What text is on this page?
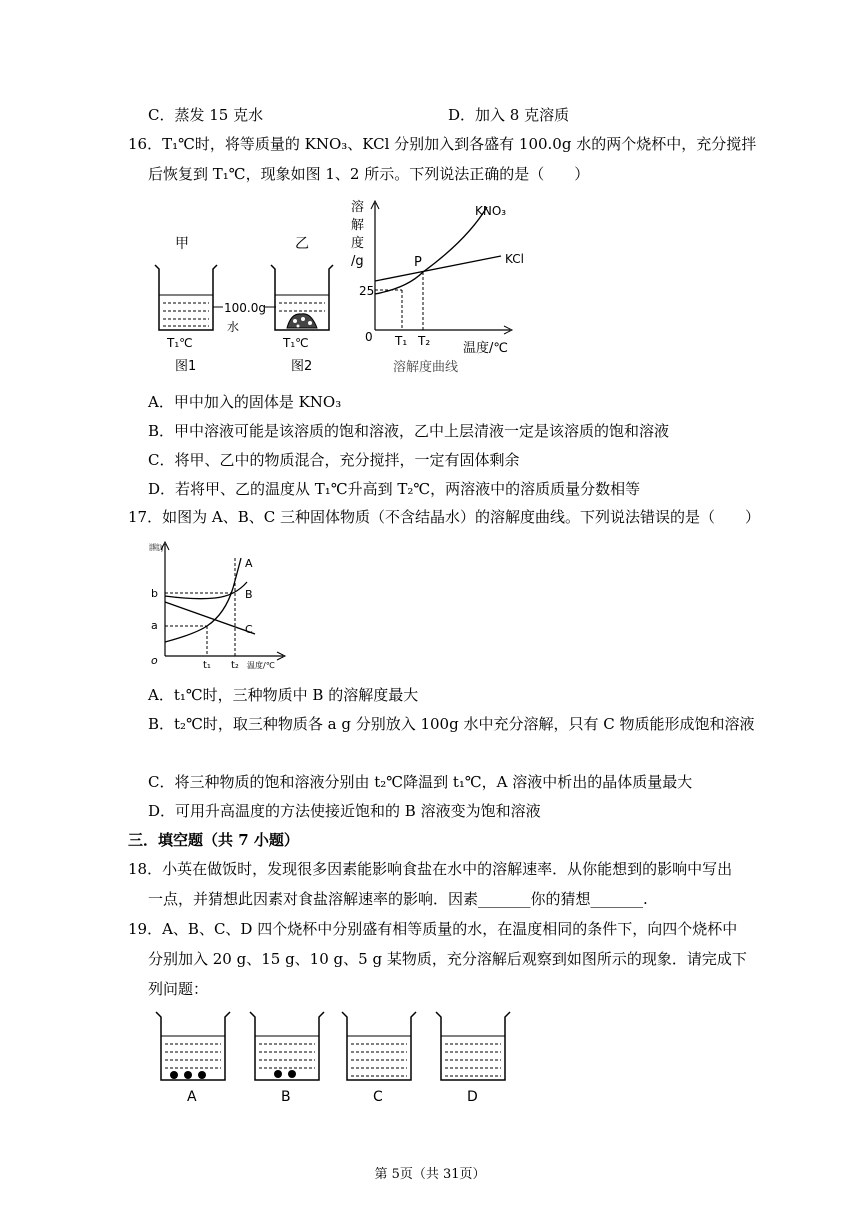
C．蒸发 15 克水	D．加入 8 克溶质
16．T₁℃时，将等质量的 KNO₃、KCl 分别加入到各盛有 100.0g 水的两个烧杯中，充分搅拌
后恢复到 T₁℃，现象如图 1、2 所示。下列说法正确的是（　　）
甲
T₁℃
图1
100.0g
水
乙
T₁℃
图2
溶
解
度
/g
KNO₃
KCl
P
25
0 T₁ T₂	温度/℃
溶解度曲线
A．甲中加入的固体是 KNO₃
B．甲中溶液可能是该溶质的饱和溶液，乙中上层清液一定是该溶质的饱和溶液
C．将甲、乙中的物质混合，充分搅拌，一定有固体剩余
D．若将甲、乙的温度从 T₁℃升高到 T₂℃，两溶液中的溶质质量分数相等
17．如图为 A、B、C 三种固体物质（不含结晶水）的溶解度曲线。下列说法错误的是（　　）
b
a
o	t₁ t₂ 温度/℃
A
B
C
A．t₁℃时，三种物质中 B 的溶解度最大
B．t₂℃时，取三种物质各 a g 分别放入 100g 水中充分溶解，只有 C 物质能形成饱和溶液
C．将三种物质的饱和溶液分别由 t₂℃降温到 t₁℃，A 溶液中析出的晶体质量最大
D．可用升高温度的方法使接近饱和的 B 溶液变为饱和溶液
三．填空题（共 7 小题）
18．小英在做饭时，发现很多因素能影响食盐在水中的溶解速率．从你能想到的影响中写出
一点，并猜想此因素对食盐溶解速率的影响．因素_______你的猜想_______.
19．A、B、C、D 四个烧杯中分别盛有相等质量的水，在温度相同的条件下，向四个烧杯中
分别加入 20 g、15 g、10 g、5 g 某物质，充分溶解后观察到如图所示的现象．请完成下
列问题：
A	B	C	D
第 5页（共 31页）
